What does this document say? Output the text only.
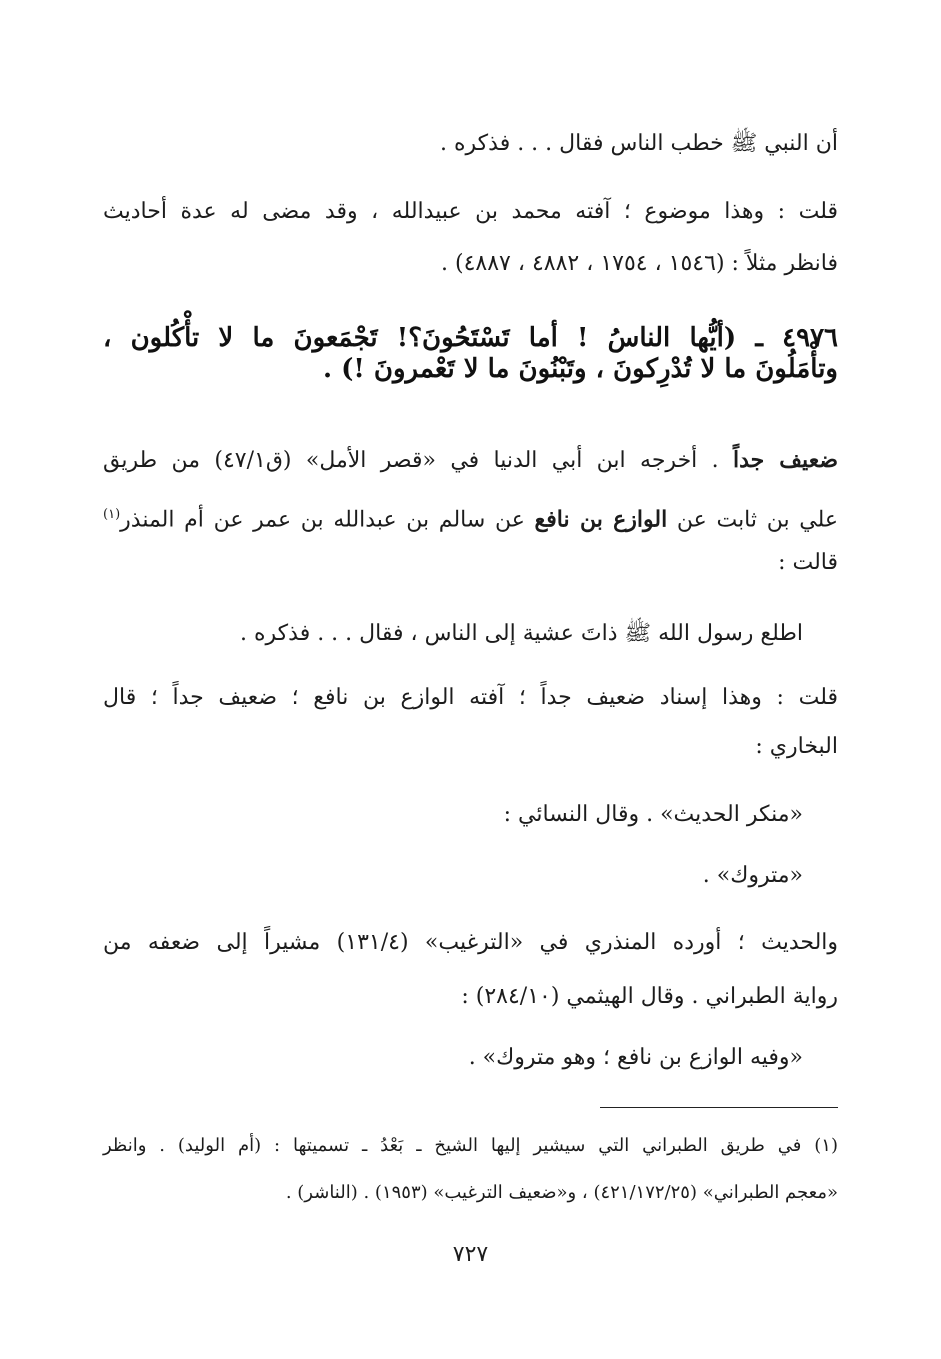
أن النبي ﷺ خطب الناس فقال . . . فذكره .
قلت : وهذا موضوع ؛ آفته محمد بن عبيدالله ، وقد مضى له عدة أحاديث
فانظر مثلاً : (١٥٤٦ ، ١٧٥٤ ، ٤٨٨٢ ، ٤٨٨٧) .
٤٩٧٦ ـ (أيُّها الناسُ ! أما تَسْتَحُونَ؟! تَجْمَعونَ ما لا تأْكُلون ،
وتأْمَلُونَ ما لا تُدْرِكونَ ، وتَبْنُونَ ما لا تَعْمرونَ !) .
ضعيف جداً . أخرجه ابن أبي الدنيا في «قصر الأمل» (ق٤٧/١) من طريق
علي بن ثابت عن الوازع بن نافع عن سالم بن عبدالله بن عمر عن أم المنذر$^{(١)}$
قالت :
اطلع رسول الله ﷺ ذاتَ عشية إلى الناس ، فقال . . . فذكره .
قلت : وهذا إسناد ضعيف جداً ؛ آفته الوازع بن نافع ؛ ضعيف جداً ؛ قال
البخاري :
«منكر الحديث» . وقال النسائي :
«متروك» .
والحديث ؛ أورده المنذري في «الترغيب» (١٣١/٤) مشيراً إلى ضعفه من
رواية الطبراني . وقال الهيثمي (٢٨٤/١٠) :
«وفيه الوازع بن نافع ؛ وهو متروك» .
(١) في طريق الطبراني التي سيشير إليها الشيخ ـ بَعْدُ ـ تسميتها : (أم الوليد) . وانظر
«معجم الطبراني» (٤٢١/١٧٢/٢٥) ، و«ضعيف الترغيب» (١٩٥٣) . (الناشر) .
٧٢٧
